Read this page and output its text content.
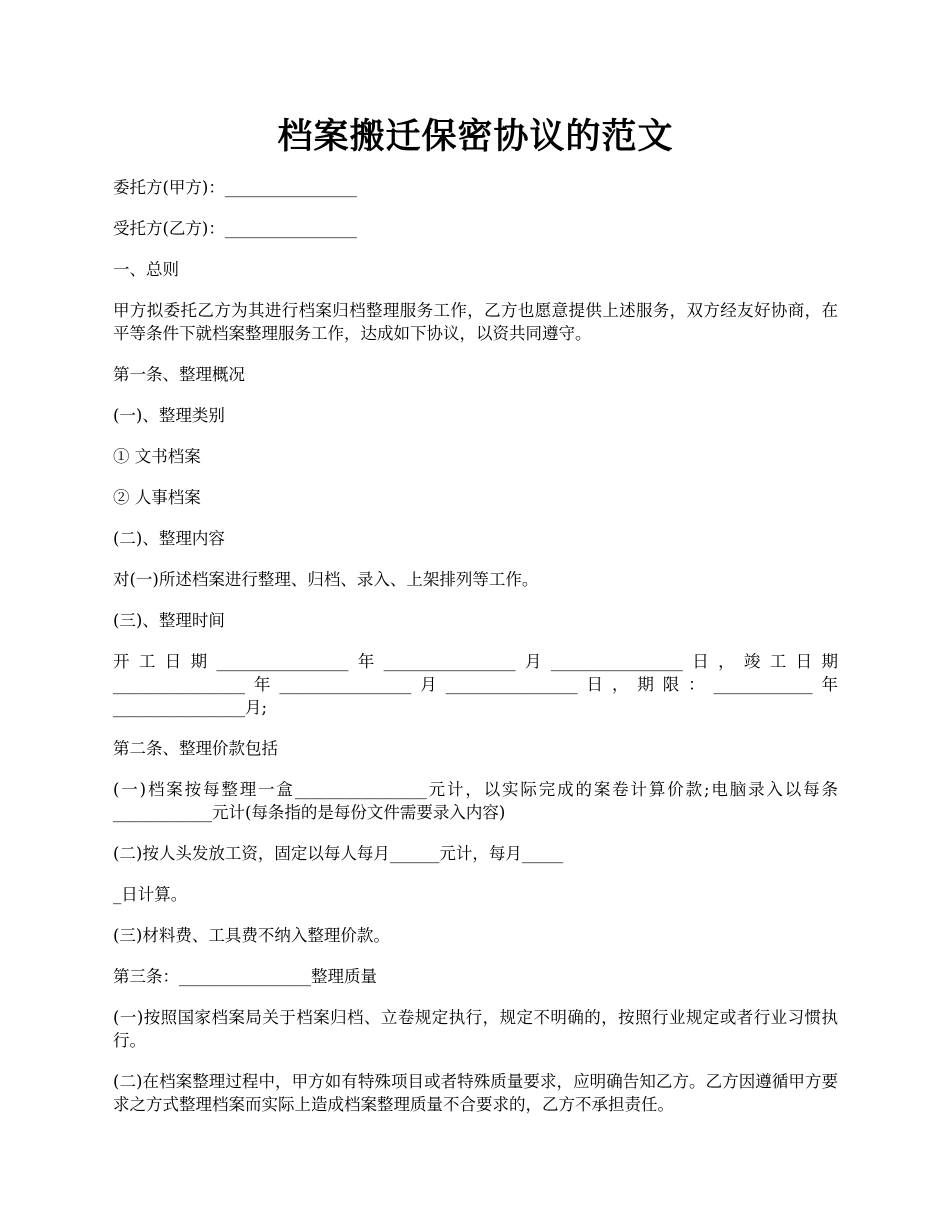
档案搬迁保密协议的范文

委托方(甲方)：________________

受托方(乙方)：________________

一、总则

甲方拟委托乙方为其进行档案归档整理服务工作，乙方也愿意提供上述服务，双方经友好协商，在平等条件下就档案整理服务工作，达成如下协议，以资共同遵守。

第一条、整理概况

(一)、整理类别

① 文书档案

② 人事档案

(二)、整理内容

对(一)所述档案进行整理、归档、录入、上架排列等工作。

(三)、整理时间

开工日期________________年________________月________________日，竣工日期________________年________________月________________日，期限：____________年________________月;

第二条、整理价款包括

(一)档案按每整理一盒________________元计，以实际完成的案卷计算价款;电脑录入以每条____________元计(每条指的是每份文件需要录入内容)

(二)按人头发放工资，固定以每人每月______元计，每月_____

_日计算。

(三)材料费、工具费不纳入整理价款。

第三条：________________整理质量

(一)按照国家档案局关于档案归档、立卷规定执行，规定不明确的，按照行业规定或者行业习惯执行。

(二)在档案整理过程中，甲方如有特殊项目或者特殊质量要求，应明确告知乙方。乙方因遵循甲方要求之方式整理档案而实际上造成档案整理质量不合要求的，乙方不承担责任。
